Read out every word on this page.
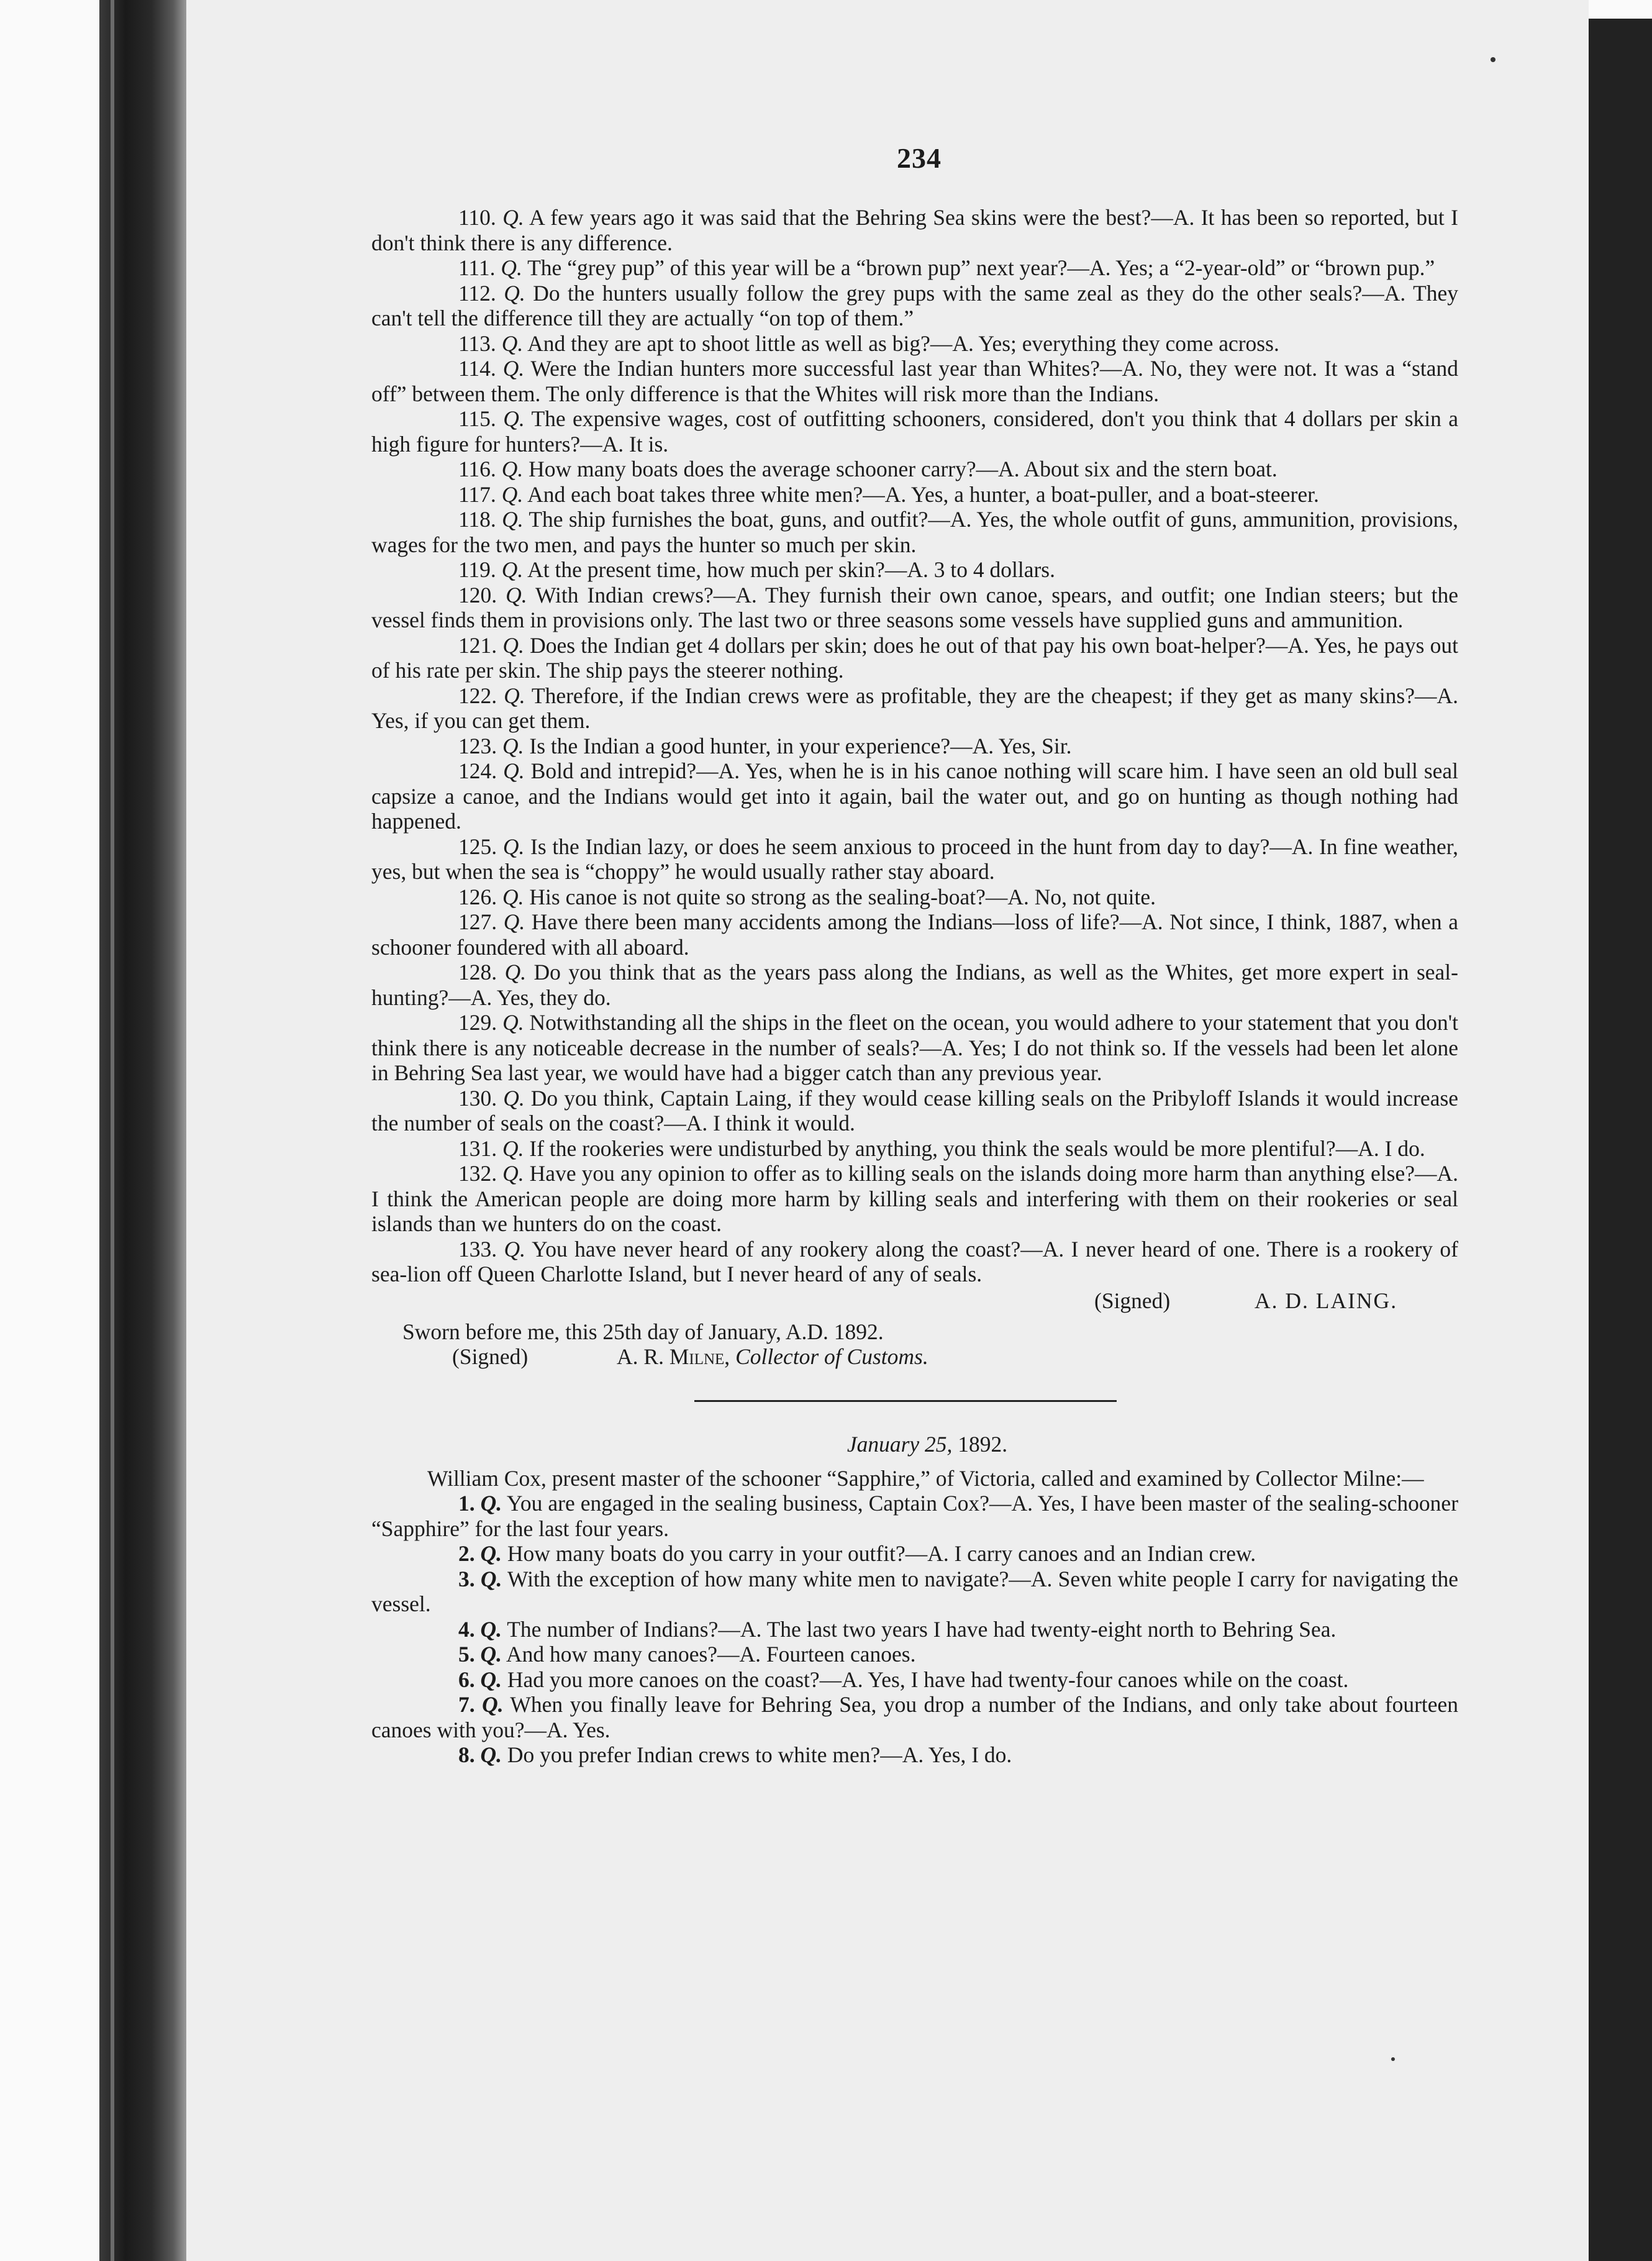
234

110. Q. A few years ago it was said that the Behring Sea skins were the best?—A. It has been so reported, but I don't think there is any difference.

111. Q. The “grey pup” of this year will be a “brown pup” next year?—A. Yes; a “2-year-old” or “brown pup.”

112. Q. Do the hunters usually follow the grey pups with the same zeal as they do the other seals?—A. They can't tell the difference till they are actually “on top of them.”

113. Q. And they are apt to shoot little as well as big?—A. Yes; everything they come across.

114. Q. Were the Indian hunters more successful last year than Whites?—A. No, they were not. It was a “stand off” between them. The only difference is that the Whites will risk more than the Indians.

115. Q. The expensive wages, cost of outfitting schooners, considered, don't you think that 4 dollars per skin a high figure for hunters?—A. It is.

116. Q. How many boats does the average schooner carry?—A. About six and the stern boat.

117. Q. And each boat takes three white men?—A. Yes, a hunter, a boat-puller, and a boat-steerer.

118. Q. The ship furnishes the boat, guns, and outfit?—A. Yes, the whole outfit of guns, ammunition, provisions, wages for the two men, and pays the hunter so much per skin.

119. Q. At the present time, how much per skin?—A. 3 to 4 dollars.

120. Q. With Indian crews?—A. They furnish their own canoe, spears, and outfit; one Indian steers; but the vessel finds them in provisions only. The last two or three seasons some vessels have supplied guns and ammunition.

121. Q. Does the Indian get 4 dollars per skin; does he out of that pay his own boat-helper?—A. Yes, he pays out of his rate per skin. The ship pays the steerer nothing.

122. Q. Therefore, if the Indian crews were as profitable, they are the cheapest; if they get as many skins?—A. Yes, if you can get them.

123. Q. Is the Indian a good hunter, in your experience?—A. Yes, Sir.

124. Q. Bold and intrepid?—A. Yes, when he is in his canoe nothing will scare him. I have seen an old bull seal capsize a canoe, and the Indians would get into it again, bail the water out, and go on hunting as though nothing had happened.

125. Q. Is the Indian lazy, or does he seem anxious to proceed in the hunt from day to day?—A. In fine weather, yes, but when the sea is “choppy” he would usually rather stay aboard.

126. Q. His canoe is not quite so strong as the sealing-boat?—A. No, not quite.

127. Q. Have there been many accidents among the Indians—loss of life?—A. Not since, I think, 1887, when a schooner foundered with all aboard.

128. Q. Do you think that as the years pass along the Indians, as well as the Whites, get more expert in seal-hunting?—A. Yes, they do.

129. Q. Notwithstanding all the ships in the fleet on the ocean, you would adhere to your statement that you don't think there is any noticeable decrease in the number of seals?—A. Yes; I do not think so. If the vessels had been let alone in Behring Sea last year, we would have had a bigger catch than any previous year.

130. Q. Do you think, Captain Laing, if they would cease killing seals on the Pribyloff Islands it would increase the number of seals on the coast?—A. I think it would.

131. Q. If the rookeries were undisturbed by anything, you think the seals would be more plentiful?—A. I do.

132. Q. Have you any opinion to offer as to killing seals on the islands doing more harm than anything else?—A. I think the American people are doing more harm by killing seals and interfering with them on their rookeries or seal islands than we hunters do on the coast.

133. Q. You have never heard of any rookery along the coast?—A. I never heard of one. There is a rookery of sea-lion off Queen Charlotte Island, but I never heard of any of seals.

(Signed)	A. D. LAING.

Sworn before me, this 25th day of January, A.D. 1892.

(Signed)	A. R. Milne, Collector of Customs.

January 25, 1892.

William Cox, present master of the schooner “Sapphire,” of Victoria, called and examined by Collector Milne:—

1. Q. You are engaged in the sealing business, Captain Cox?—A. Yes, I have been master of the sealing-schooner “Sapphire” for the last four years.

2. Q. How many boats do you carry in your outfit?—A. I carry canoes and an Indian crew.

3. Q. With the exception of how many white men to navigate?—A. Seven white people I carry for navigating the vessel.

4. Q. The number of Indians?—A. The last two years I have had twenty-eight north to Behring Sea.

5. Q. And how many canoes?—A. Fourteen canoes.

6. Q. Had you more canoes on the coast?—A. Yes, I have had twenty-four canoes while on the coast.

7. Q. When you finally leave for Behring Sea, you drop a number of the Indians, and only take about fourteen canoes with you?—A. Yes.

8. Q. Do you prefer Indian crews to white men?—A. Yes, I do.
